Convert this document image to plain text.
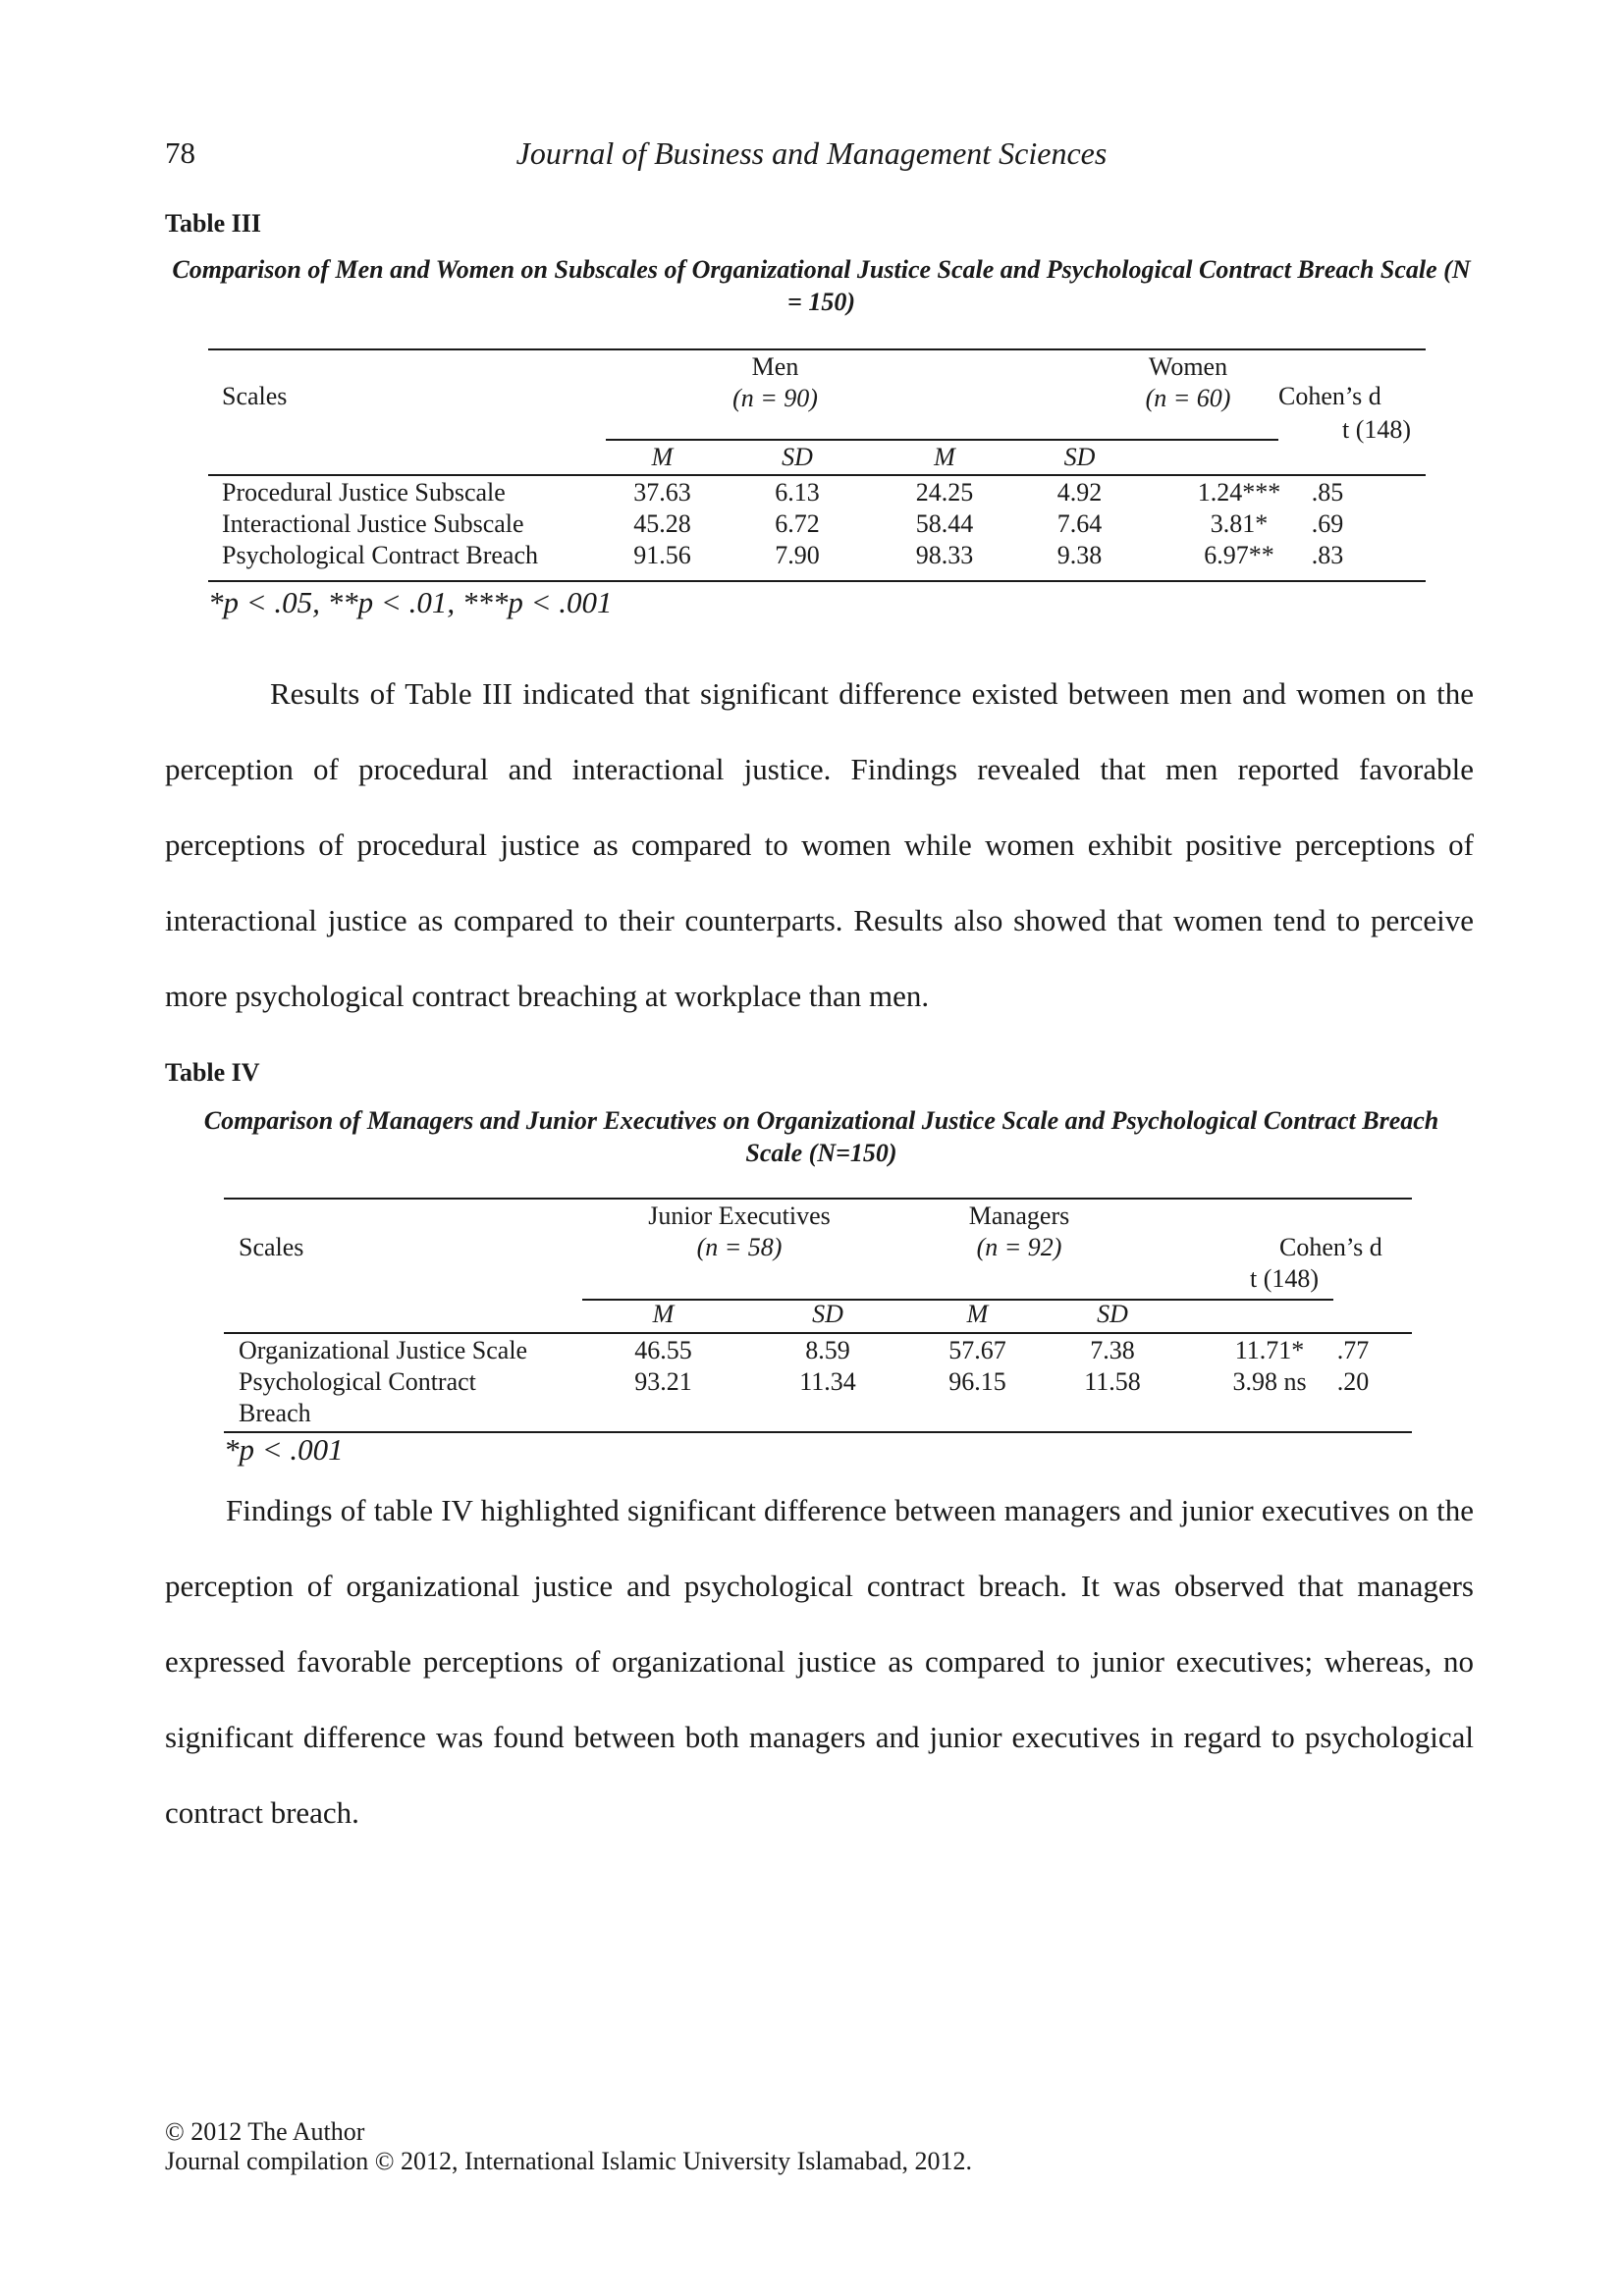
78	Journal of Business and Management Sciences
Table III
Comparison of Men and Women on Subscales of Organizational Justice Scale and Psychological Contract Breach Scale (N = 150)
Scales
Men
(n = 90)
Women
(n = 60)
t (148)
Cohen’s d
M	SD	M	SD
Procedural Justice Subscale	37.63	6.13	24.25	4.92	1.24***	.85
Interactional Justice Subscale	45.28	6.72	58.44	7.64	3.81*	.69
Psychological Contract Breach	91.56	7.90	98.33	9.38	6.97**	.83
*p < .05, **p < .01, ***p < .001

Results of Table III indicated that significant difference existed between men and women on the perception of procedural and interactional justice. Findings revealed that men reported favorable perceptions of procedural justice as compared to women while women exhibit positive perceptions of interactional justice as compared to their counterparts. Results also showed that women tend to perceive more psychological contract breaching at workplace than men.

Table IV
Comparison of Managers and Junior Executives on Organizational Justice Scale and Psychological Contract Breach Scale (N=150)
Scales
Junior Executives
(n = 58)
Managers
(n = 92)
t (148)
Cohen’s d
M	SD	M	SD
Organizational Justice Scale	46.55	8.59	57.67	7.38	11.71*	.77
Psychological Contract
Breach
93.21	11.34	96.15	11.58	3.98 ns	.20
*p < .001

Findings of table IV highlighted significant difference between managers and junior executives on the perception of organizational justice and psychological contract breach. It was observed that managers expressed favorable perceptions of organizational justice as compared to junior executives; whereas, no significant difference was found between both managers and junior executives in regard to psychological contract breach.

© 2012 The Author
Journal compilation © 2012, International Islamic University Islamabad, 2012.
